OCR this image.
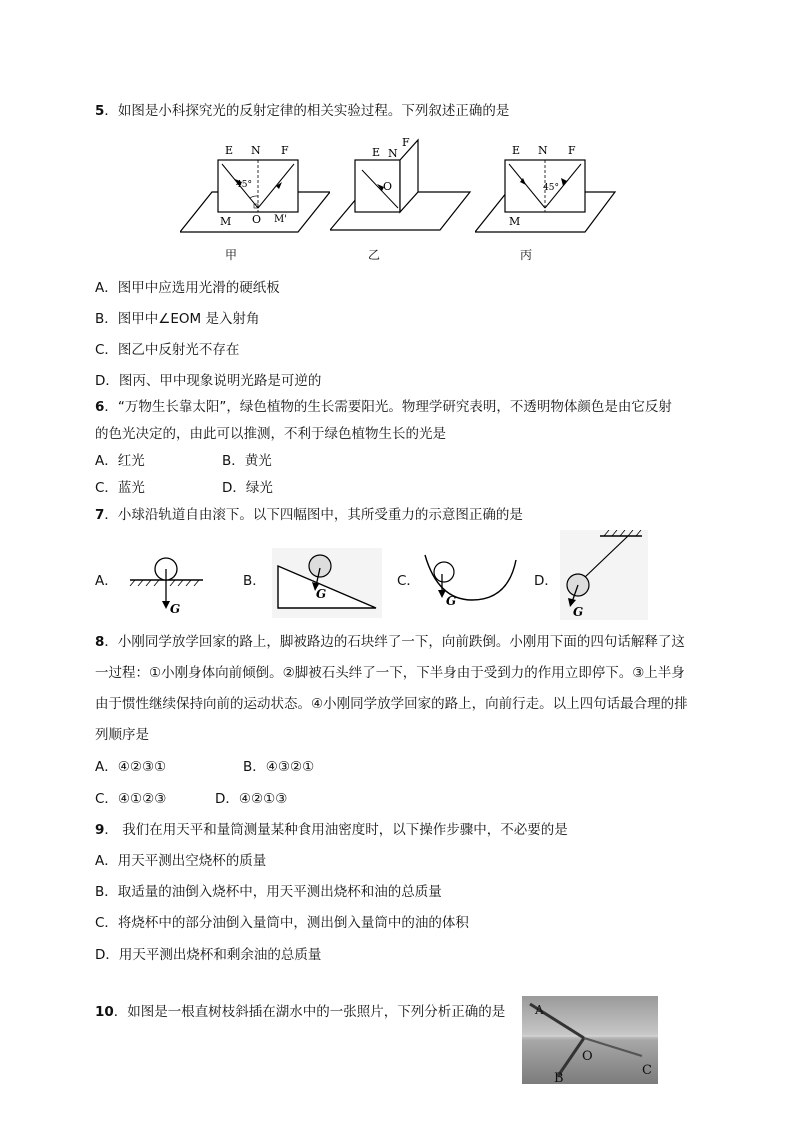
5．如图是小科探究光的反射定律的相关实验过程。下列叙述正确的是
E N F
45°
M O M'
甲
E N
F
O
乙
E N F
45°
M
丙
A．图甲中应选用光滑的硬纸板
B．图甲中∠EOM 是入射角
C．图乙中反射光不存在
D．图丙、甲中现象说明光路是可逆的
6．“万物生长靠太阳”，绿色植物的生长需要阳光。物理学研究表明，不透明物体颜色是由它反射
的色光决定的，由此可以推测，不利于绿色植物生长的光是
A．红光	B．黄光
C．蓝光	D．绿光
7．小球沿轨道自由滚下。以下四幅图中，其所受重力的示意图正确的是
A．
G
B．
G
C．
G
D．
G
8．小刚同学放学回家的路上，脚被路边的石块绊了一下，向前跌倒。小刚用下面的四句话解释了这
一过程：①小刚身体向前倾倒。②脚被石头绊了一下，下半身由于受到力的作用立即停下。③上半身
由于惯性继续保持向前的运动状态。④小刚同学放学回家的路上，向前行走。以上四句话最合理的排
列顺序是
A．④②③①	B．④③②①
C．④①②③	D．④②①③
9． 我们在用天平和量筒测量某种食用油密度时，以下操作步骤中，不必要的是
A．用天平测出空烧杯的质量
B．取适量的油倒入烧杯中，用天平测出烧杯和油的总质量
C．将烧杯中的部分油倒入量筒中，测出倒入量筒中的油的体积
D．用天平测出烧杯和剩余油的总质量
10．如图是一根直树枝斜插在湖水中的一张照片，下列分析正确的是 A
O
B
C
